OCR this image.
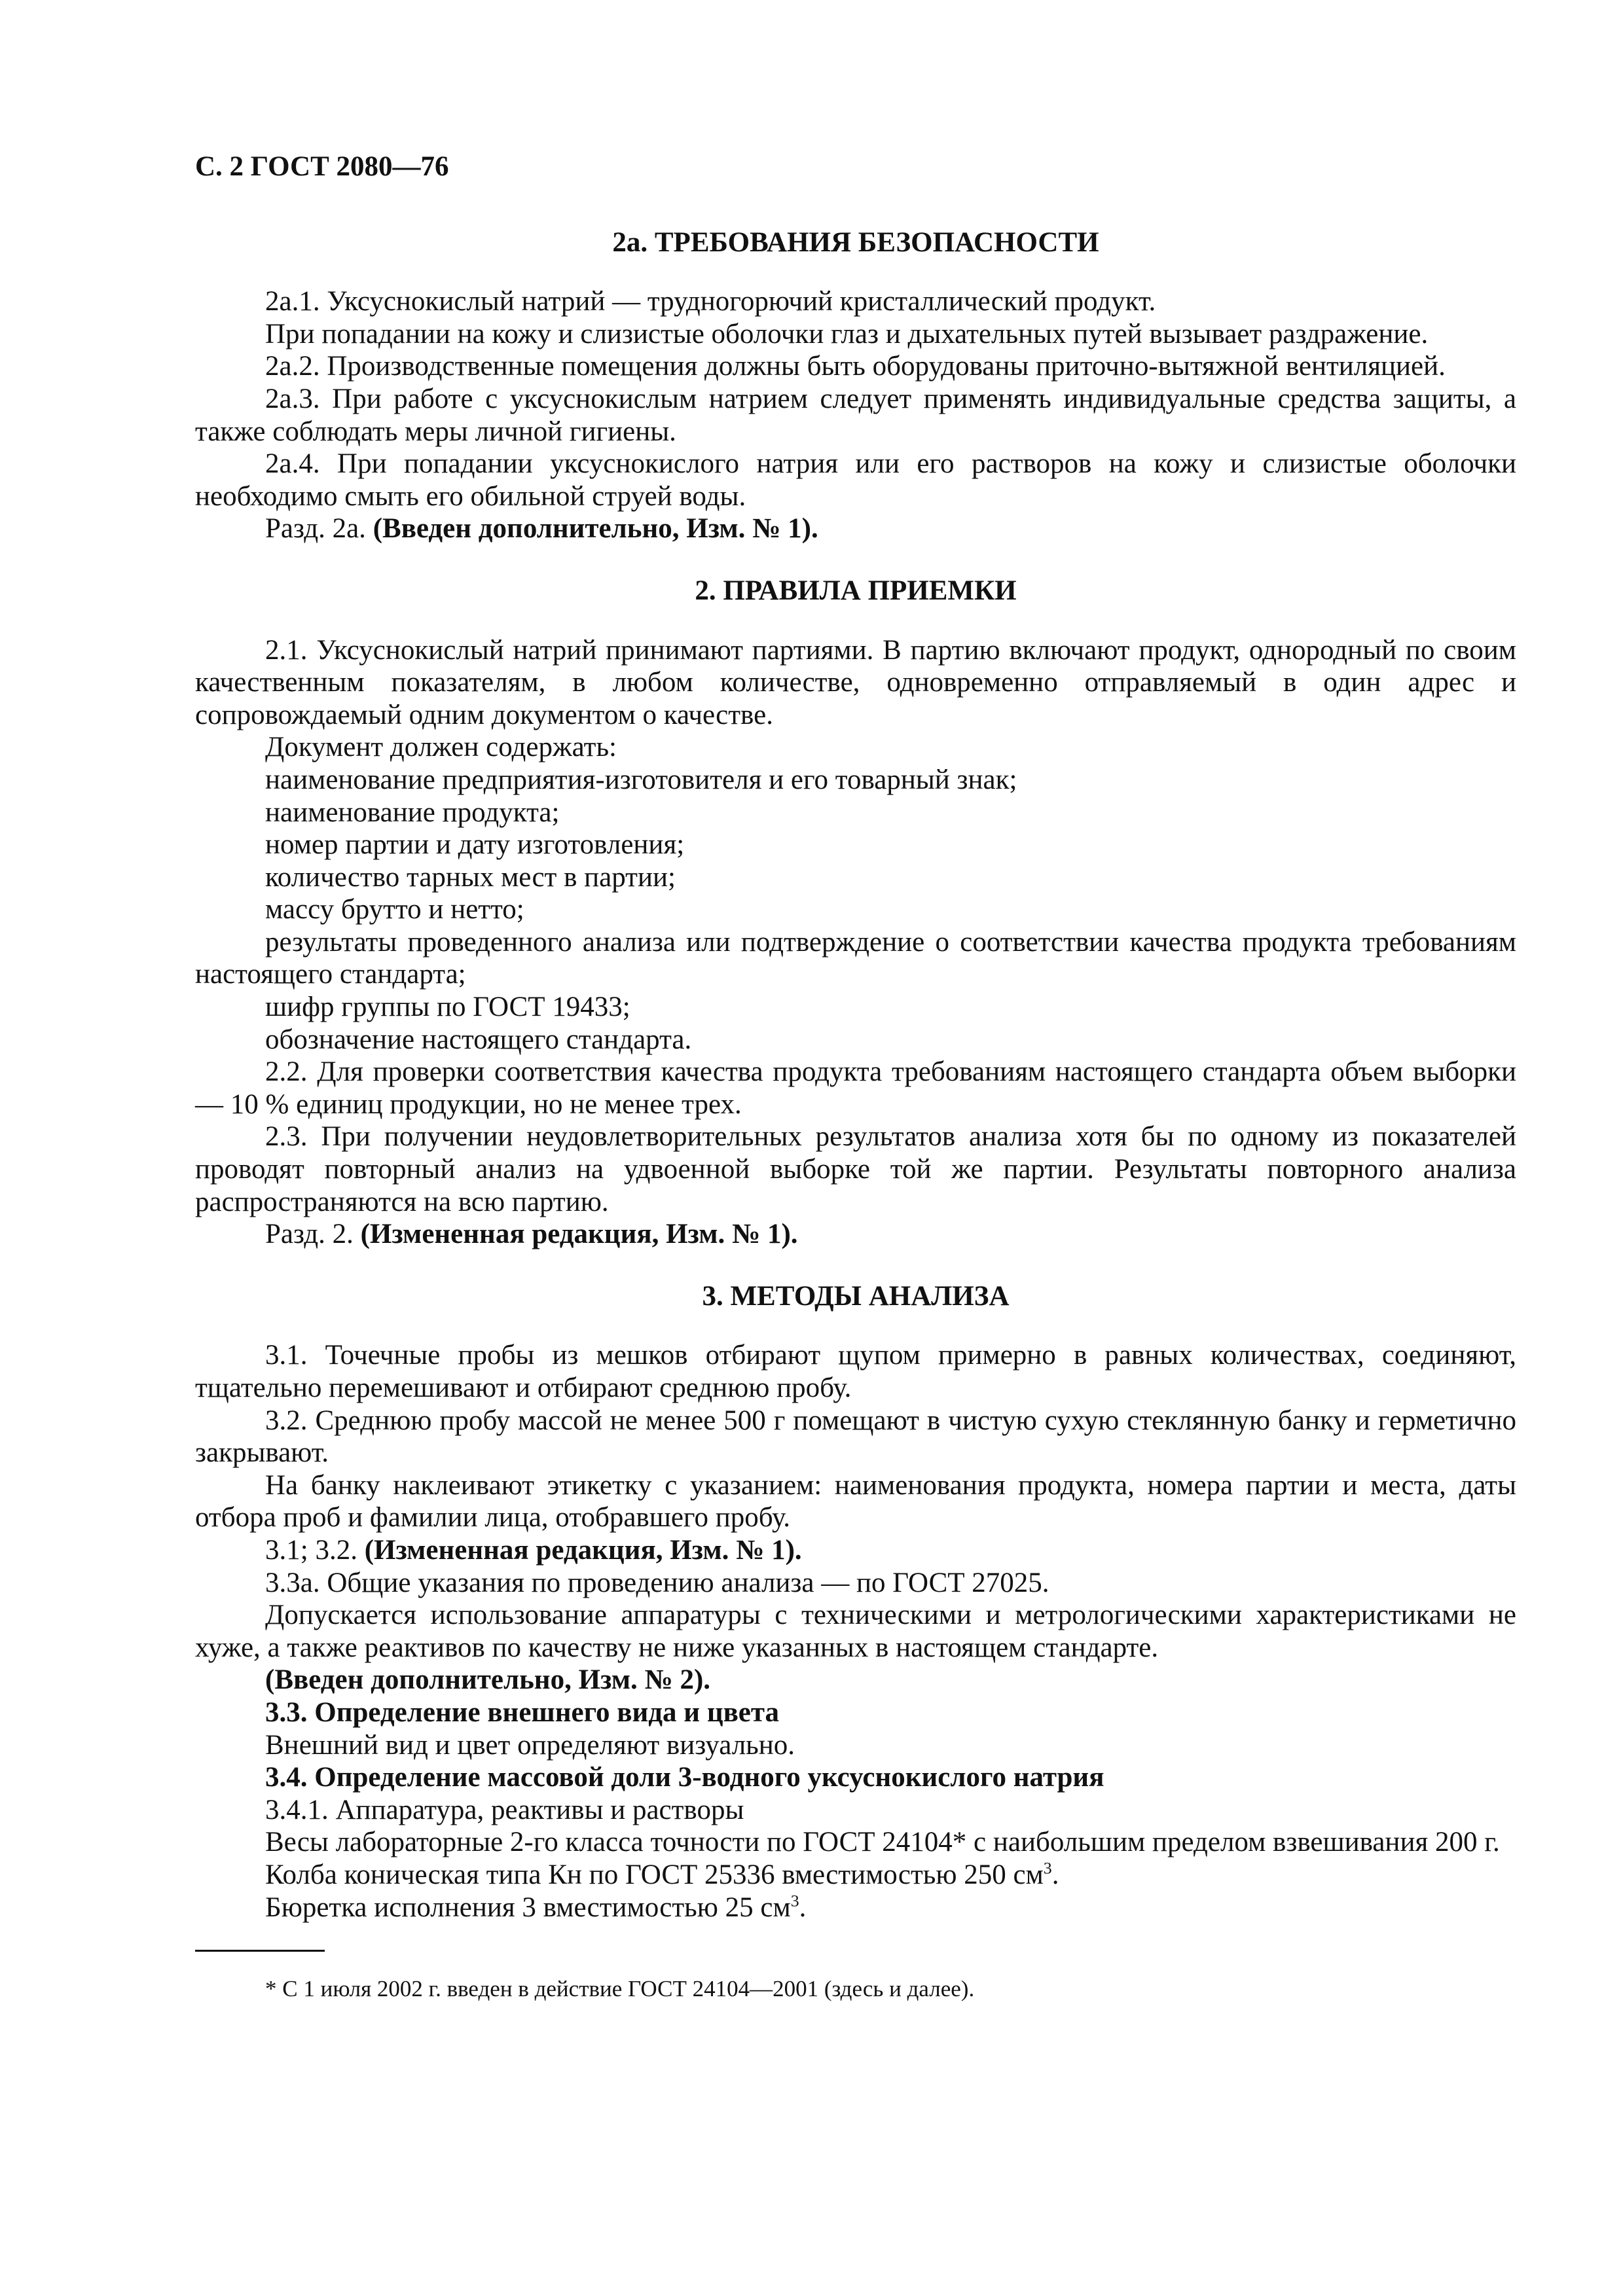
С. 2 ГОСТ 2080—76

2а. ТРЕБОВАНИЯ БЕЗОПАСНОСТИ

2а.1. Уксуснокислый натрий — трудногорючий кристаллический продукт.

При попадании на кожу и слизистые оболочки глаз и дыхательных путей вызывает раздражение.

2а.2. Производственные помещения должны быть оборудованы приточно-вытяжной вентиляцией.

2а.3. При работе с уксуснокислым натрием следует применять индивидуальные средства защиты, а также соблюдать меры личной гигиены.

2а.4. При попадании уксуснокислого натрия или его растворов на кожу и слизистые оболочки необходимо смыть его обильной струей воды.

Разд. 2а. (Введен дополнительно, Изм. № 1).

2. ПРАВИЛА ПРИЕМКИ

2.1. Уксуснокислый натрий принимают партиями. В партию включают продукт, однородный по своим качественным показателям, в любом количестве, одновременно отправляемый в один адрес и сопровождаемый одним документом о качестве.

Документ должен содержать:

наименование предприятия-изготовителя и его товарный знак;

наименование продукта;

номер партии и дату изготовления;

количество тарных мест в партии;

массу брутто и нетто;

результаты проведенного анализа или подтверждение о соответствии качества продукта требованиям настоящего стандарта;

шифр группы по ГОСТ 19433;

обозначение настоящего стандарта.

2.2. Для проверки соответствия качества продукта требованиям настоящего стандарта объем выборки — 10 % единиц продукции, но не менее трех.

2.3. При получении неудовлетворительных результатов анализа хотя бы по одному из показателей проводят повторный анализ на удвоенной выборке той же партии. Результаты повторного анализа распространяются на всю партию.

Разд. 2. (Измененная редакция, Изм. № 1).

3. МЕТОДЫ АНАЛИЗА

3.1. Точечные пробы из мешков отбирают щупом примерно в равных количествах, соединяют, тщательно перемешивают и отбирают среднюю пробу.

3.2. Среднюю пробу массой не менее 500 г помещают в чистую сухую стеклянную банку и герметично закрывают.

На банку наклеивают этикетку с указанием: наименования продукта, номера партии и места, даты отбора проб и фамилии лица, отобравшего пробу.

3.1; 3.2. (Измененная редакция, Изм. № 1).

3.3а. Общие указания по проведению анализа — по ГОСТ 27025.

Допускается использование аппаратуры с техническими и метрологическими характеристиками не хуже, а также реактивов по качеству не ниже указанных в настоящем стандарте.

(Введен дополнительно, Изм. № 2).

3.3. Определение внешнего вида и цвета

Внешний вид и цвет определяют визуально.

3.4. Определение массовой доли 3-водного уксуснокислого натрия

3.4.1. Аппаратура, реактивы и растворы

Весы лабораторные 2-го класса точности по ГОСТ 24104* с наибольшим пределом взвешивания 200 г.

Колба коническая типа Кн по ГОСТ 25336 вместимостью 250 $см^3$.

Бюретка исполнения 3 вместимостью 25 $см^3$.

* С 1 июля 2002 г. введен в действие ГОСТ 24104—2001 (здесь и далее).
